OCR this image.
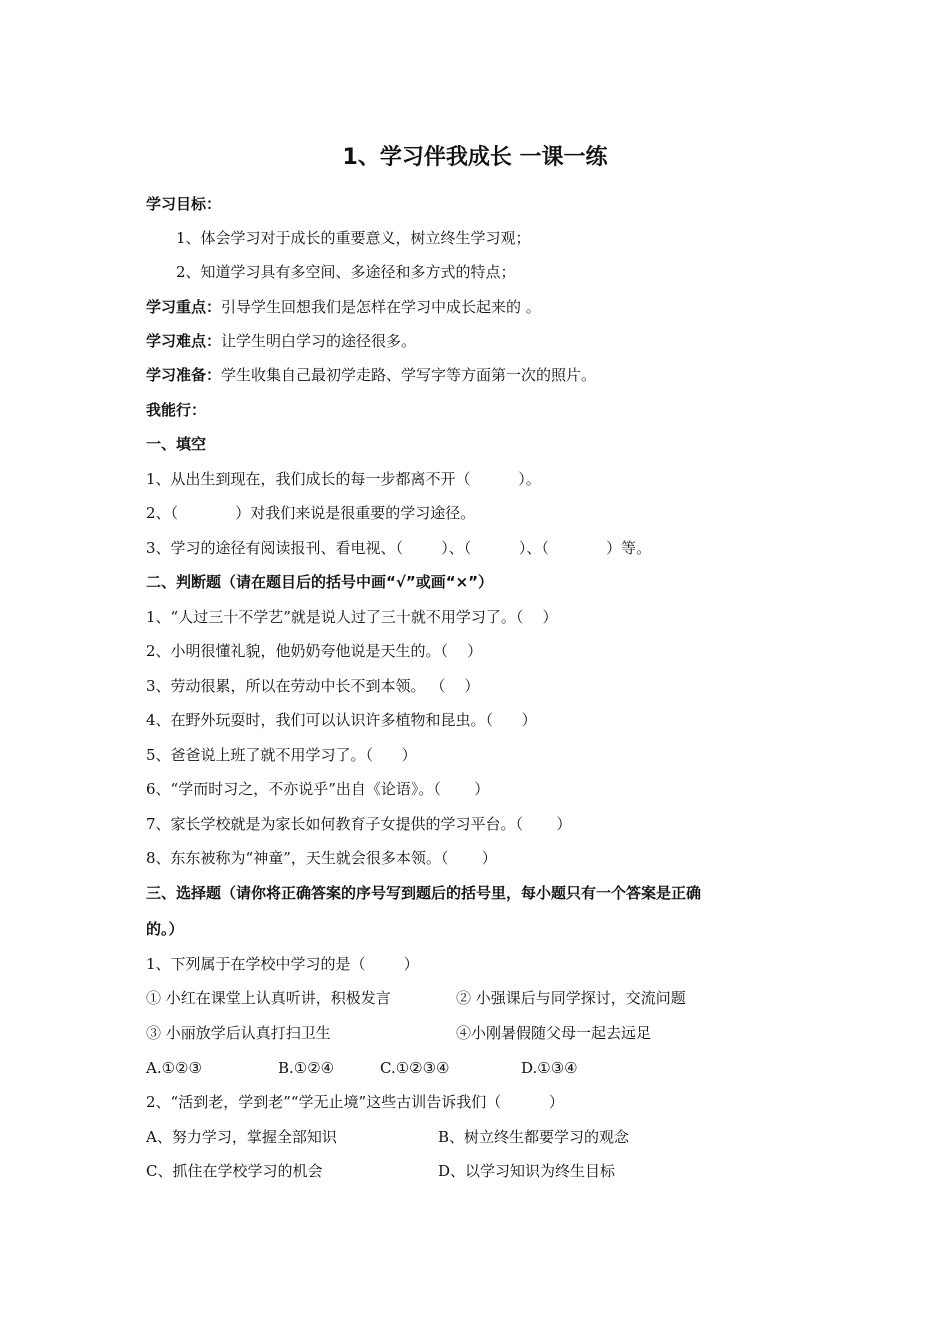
1、学习伴我成长 一课一练
学习目标：
1、体会学习对于成长的重要意义，树立终生学习观；
2、知道学习具有多空间、多途径和多方式的特点；
学习重点：引导学生回想我们是怎样在学习中成长起来的 。
学习难点：让学生明白学习的途径很多。
学习准备：学生收集自己最初学走路、学写字等方面第一次的照片。
我能行：
一、填空
1、从出生到现在，我们成长的每一步都离不开（          ）。
2、（            ）对我们来说是很重要的学习途径。
3、学习的途径有阅读报刊、看电视、（        ）、（          ）、（            ）等。
二、判断题（请在题目后的括号中画“√”或画“×”）
1、“人过三十不学艺”就是说人过了三十就不用学习了。（    ）
2、小明很懂礼貌，他奶奶夸他说是天生的。（    ）
3、劳动很累，所以在劳动中长不到本领。 （    ）
4、在野外玩耍时，我们可以认识许多植物和昆虫。（      ）
5、爸爸说上班了就不用学习了。（      ）
6、“学而时习之，不亦说乎”出自《论语》。（       ）
7、家长学校就是为家长如何教育子女提供的学习平台。（       ）
8、东东被称为“神童”，天生就会很多本领。（       ）
三、选择题（请你将正确答案的序号写到题后的括号里，每小题只有一个答案是正确
的。）
1、下列属于在学校中学习的是（        ）
① 小红在课堂上认真听讲，积极发言	② 小强课后与同学探讨，交流问题
③ 小丽放学后认真打扫卫生	④小刚暑假随父母一起去远足
A.①②③	B.①②④	C.①②③④	D.①③④
2、“活到老，学到老”“学无止境”这些古训告诉我们（          ）
A、努力学习，掌握全部知识	B、树立终生都要学习的观念
C、抓住在学校学习的机会	D、以学习知识为终生目标
